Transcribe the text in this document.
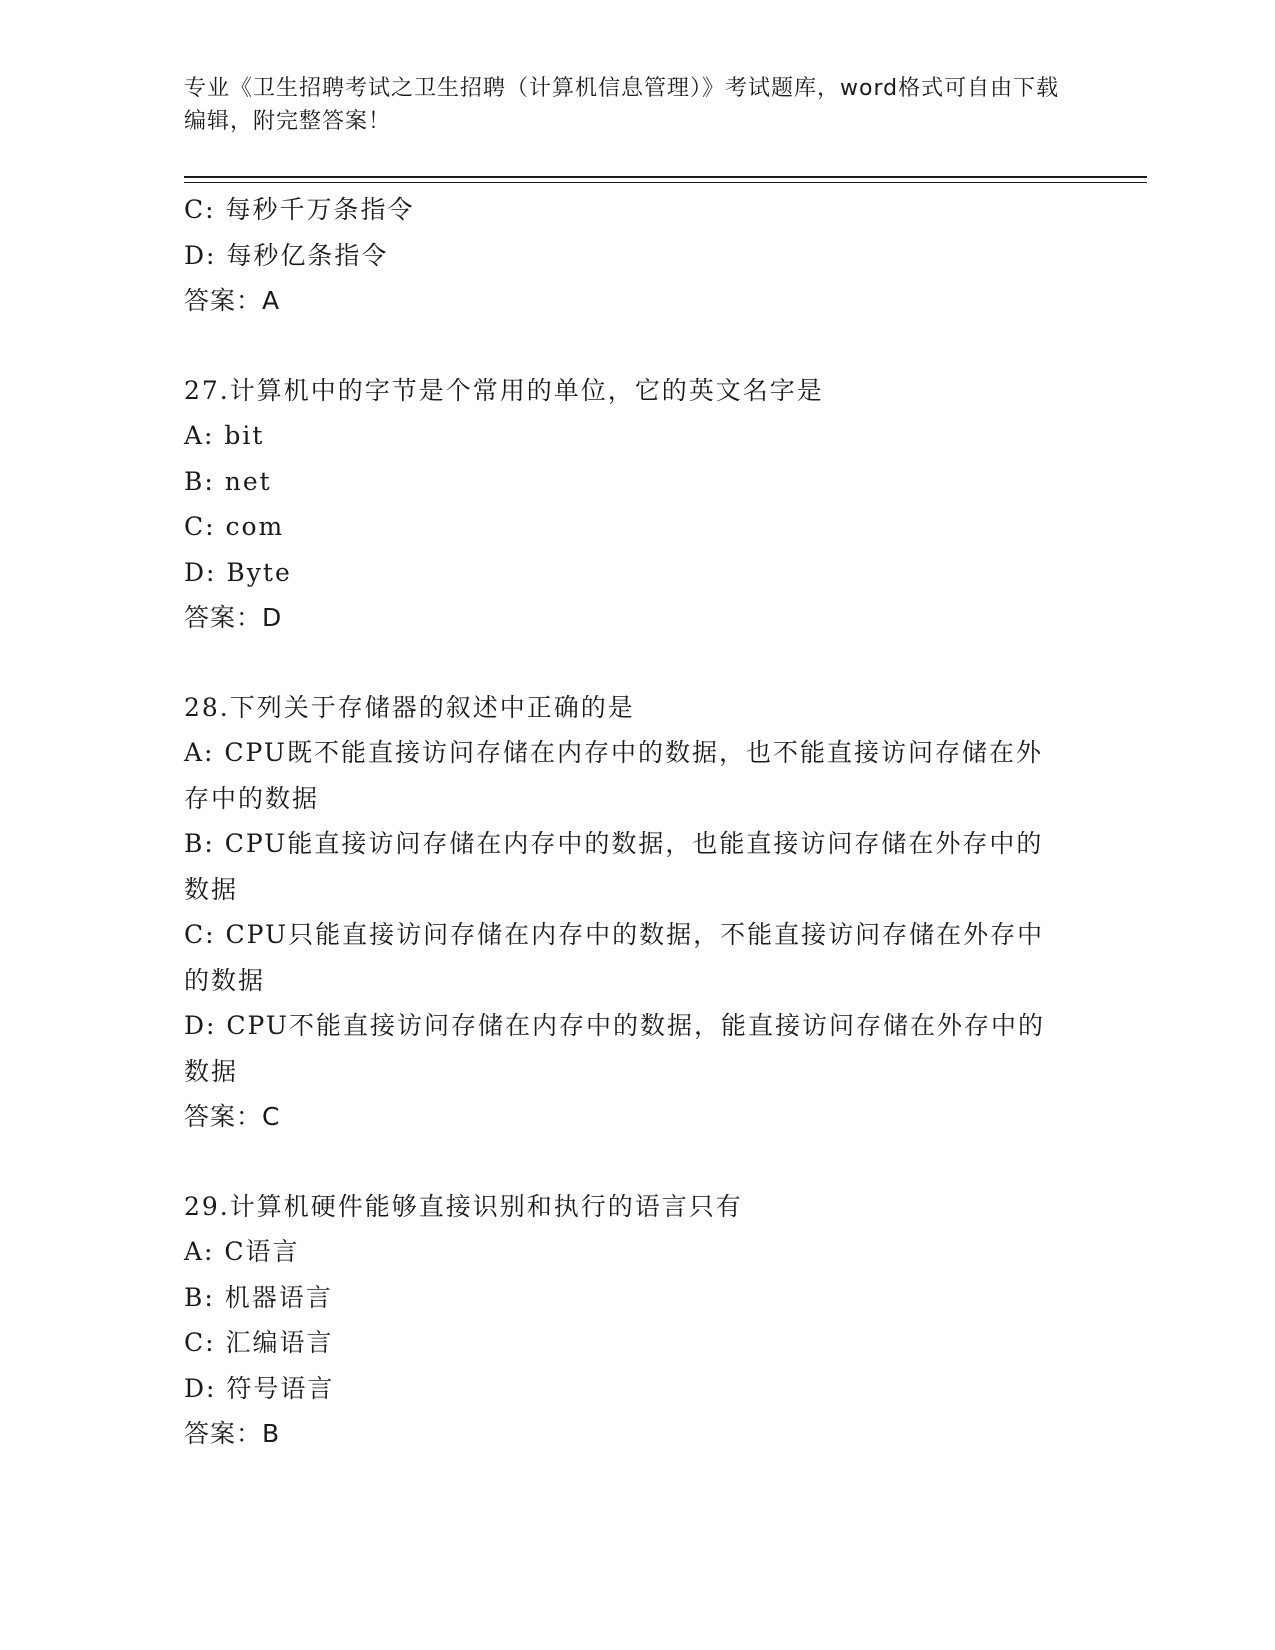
专业《卫生招聘考试之卫生招聘（计算机信息管理）》考试题库，word格式可自由下载编辑，附完整答案！
C: 每秒千万条指令
D: 每秒亿条指令
答案：A
27.计算机中的字节是个常用的单位，它的英文名字是
A: bit
B: net
C: com
D: Byte
答案：D
28.下列关于存储器的叙述中正确的是
A: CPU既不能直接访问存储在内存中的数据，也不能直接访问存储在外存中的数据
B: CPU能直接访问存储在内存中的数据，也能直接访问存储在外存中的数据
C: CPU只能直接访问存储在内存中的数据，不能直接访问存储在外存中的数据
D: CPU不能直接访问存储在内存中的数据，能直接访问存储在外存中的数据
答案：C
29.计算机硬件能够直接识别和执行的语言只有
A: C语言
B: 机器语言
C: 汇编语言
D: 符号语言
答案：B
